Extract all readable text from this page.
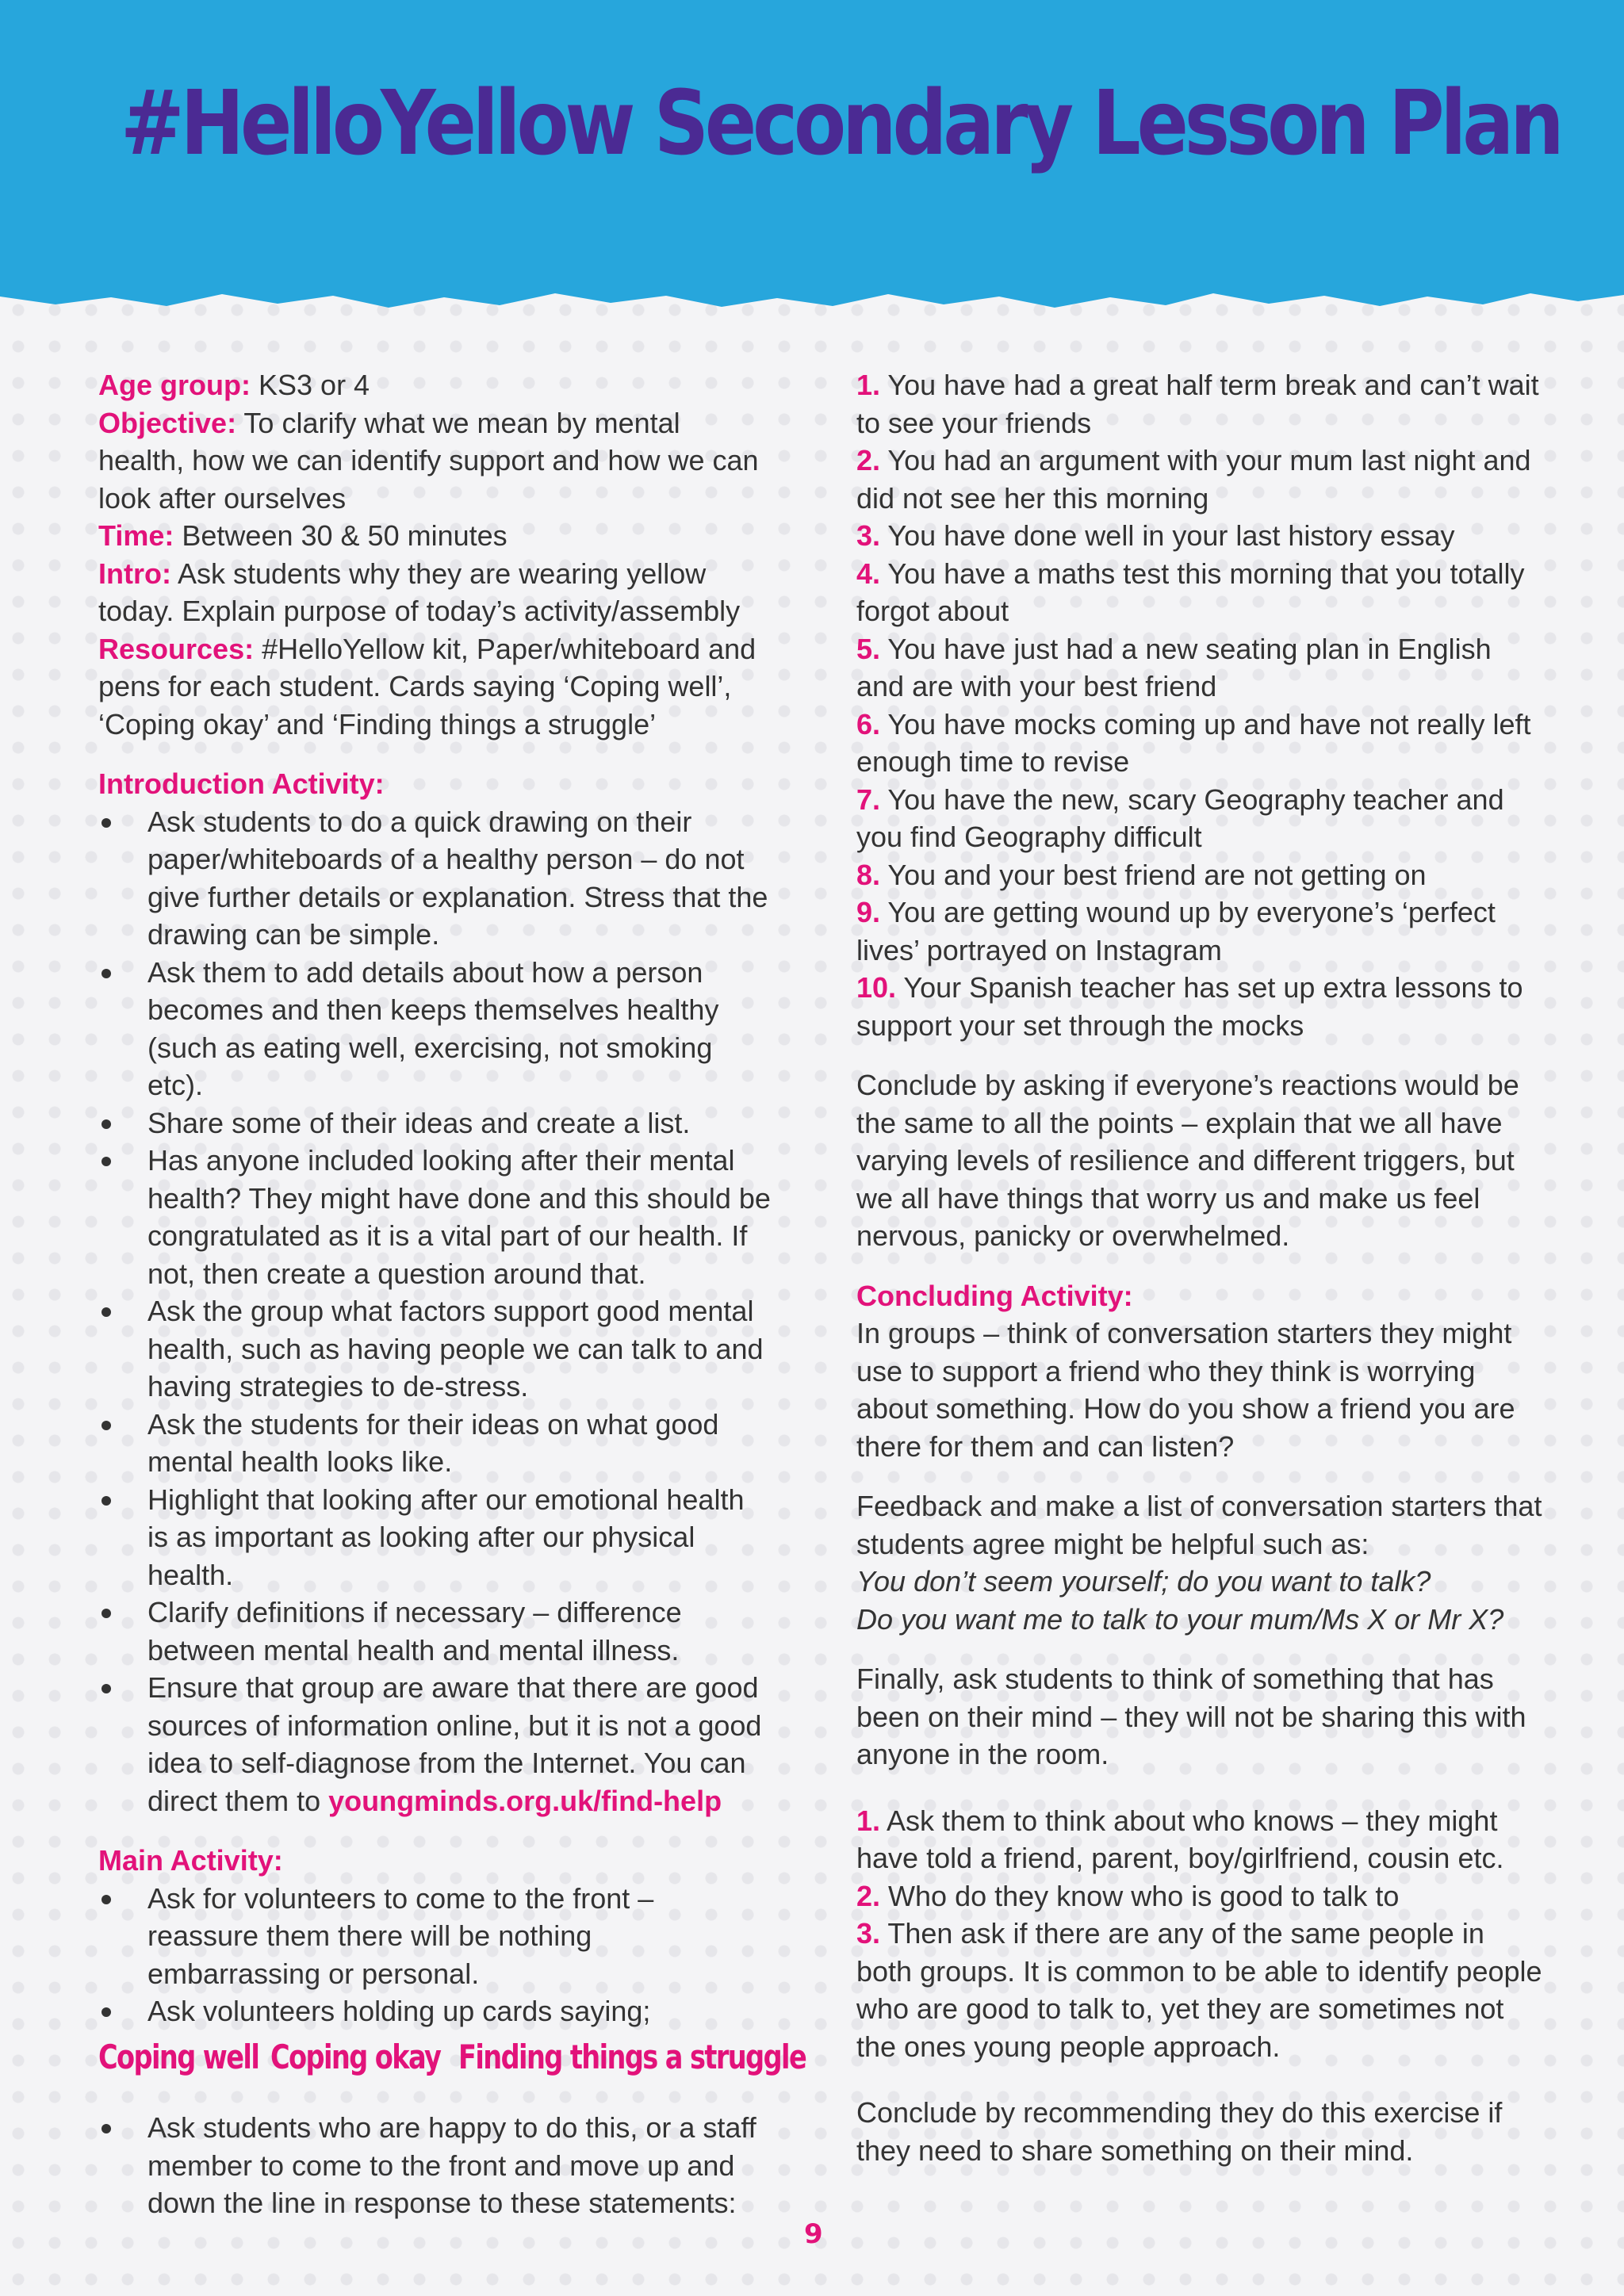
#HelloYellow Secondary Lesson Plan
Age group: KS3 or 4
Objective: To clarify what we mean by mental health, how we can identify support and how we can look after ourselves
Time: Between 30 & 50 minutes
Intro: Ask students why they are wearing yellow today. Explain purpose of today’s activity/assembly
Resources: #HelloYellow kit, Paper/whiteboard and pens for each student. Cards saying ‘Coping well’, ‘Coping okay’ and ‘Finding things a struggle’
Introduction Activity:
Ask students to do a quick drawing on their paper/whiteboards of a healthy person – do not give further details or explanation. Stress that the drawing can be simple.
Ask them to add details about how a person becomes and then keeps themselves healthy (such as eating well, exercising, not smoking etc).
Share some of their ideas and create a list.
Has anyone included looking after their mental health? They might have done and this should be congratulated as it is a vital part of our health. If not, then create a question around that.
Ask the group what factors support good mental health, such as having people we can talk to and having strategies to de-stress.
Ask the students for their ideas on what good mental health looks like.
Highlight that looking after our emotional health is as important as looking after our physical health.
Clarify definitions if necessary – difference between mental health and mental illness.
Ensure that group are aware that there are good sources of information online, but it is not a good idea to self-diagnose from the Internet. You can direct them to youngminds.org.uk/find-help
Main Activity:
Ask for volunteers to come to the front – reassure them there will be nothing embarrassing or personal.
Ask volunteers holding up cards saying;
Coping well Coping okay Finding things a struggle
Ask students who are happy to do this, or a staff member to come to the front and move up and down the line in response to these statements:
1. You have had a great half term break and can’t wait to see your friends
2. You had an argument with your mum last night and did not see her this morning
3. You have done well in your last history essay
4. You have a maths test this morning that you totally forgot about
5. You have just had a new seating plan in English and are with your best friend
6. You have mocks coming up and have not really left enough time to revise
7. You have the new, scary Geography teacher and you find Geography difficult
8. You and your best friend are not getting on
9. You are getting wound up by everyone’s ‘perfect lives’ portrayed on Instagram
10. Your Spanish teacher has set up extra lessons to support your set through the mocks

Conclude by asking if everyone’s reactions would be the same to all the points – explain that we all have varying levels of resilience and different triggers, but we all have things that worry us and make us feel nervous, panicky or overwhelmed.

Concluding Activity:

In groups – think of conversation starters they might use to support a friend who they think is worrying about something. How do you show a friend you are there for them and can listen?

Feedback and make a list of conversation starters that students agree might be helpful such as:
You don’t seem yourself; do you want to talk?
Do you want me to talk to your mum/Ms X or Mr X?

Finally, ask students to think of something that has been on their mind – they will not be sharing this with anyone in the room.

1. Ask them to think about who knows – they might have told a friend, parent, boy/girlfriend, cousin etc.
2. Who do they know who is good to talk to
3. Then ask if there are any of the same people in both groups. It is common to be able to identify people who are good to talk to, yet they are sometimes not the ones young people approach.

Conclude by recommending they do this exercise if they need to share something on their mind.

9
